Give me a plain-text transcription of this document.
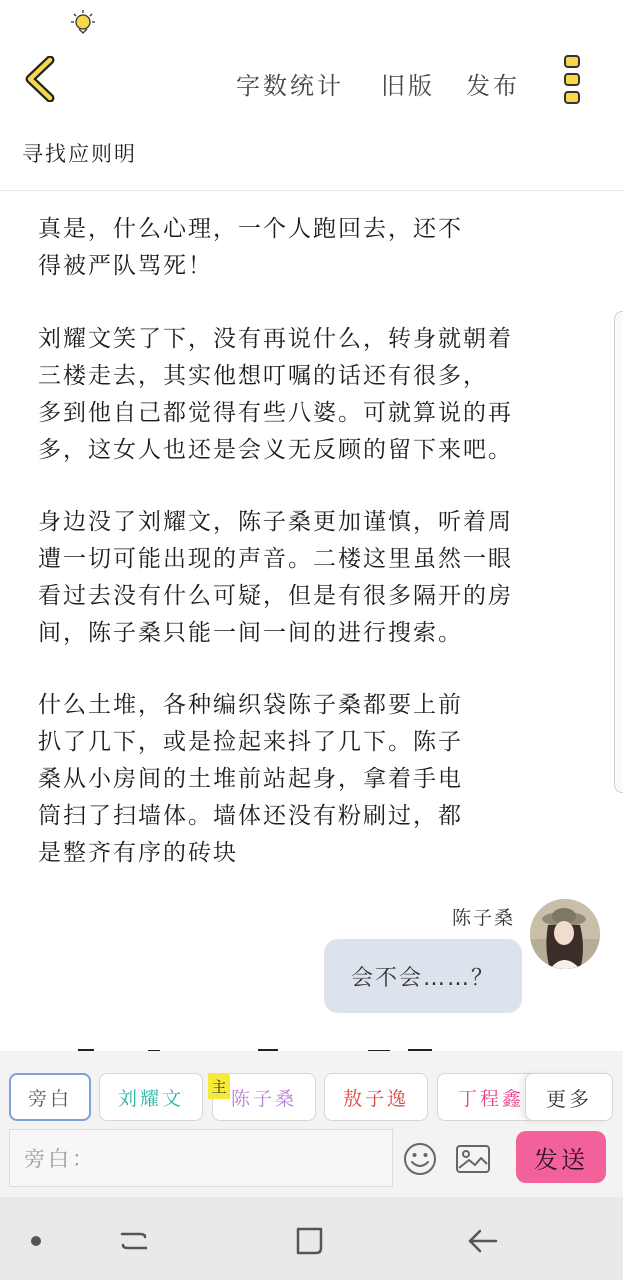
字数统计 旧版 发布
寻找应则明
真是，什么心理，一个人跑回去，还不
得被严队骂死！
刘耀文笑了下，没有再说什么，转身就朝着
三楼走去，其实他想叮嘱的话还有很多，
多到他自己都觉得有些八婆。可就算说的再
多，这女人也还是会义无反顾的留下来吧。
身边没了刘耀文，陈子桑更加谨慎，听着周
遭一切可能出现的声音。二楼这里虽然一眼
看过去没有什么可疑，但是有很多隔开的房
间，陈子桑只能一间一间的进行搜索。
什么土堆，各种编织袋陈子桑都要上前
扒了几下，或是捡起来抖了几下。陈子
桑从小房间的土堆前站起身，拿着手电
筒扫了扫墙体。墙体还没有粉刷过，都
是整齐有序的砖块
陈子桑
会不会……？
旁白 刘耀文 陈子桑
主
敖子逸	丁程鑫	更多
旁白：	发送
